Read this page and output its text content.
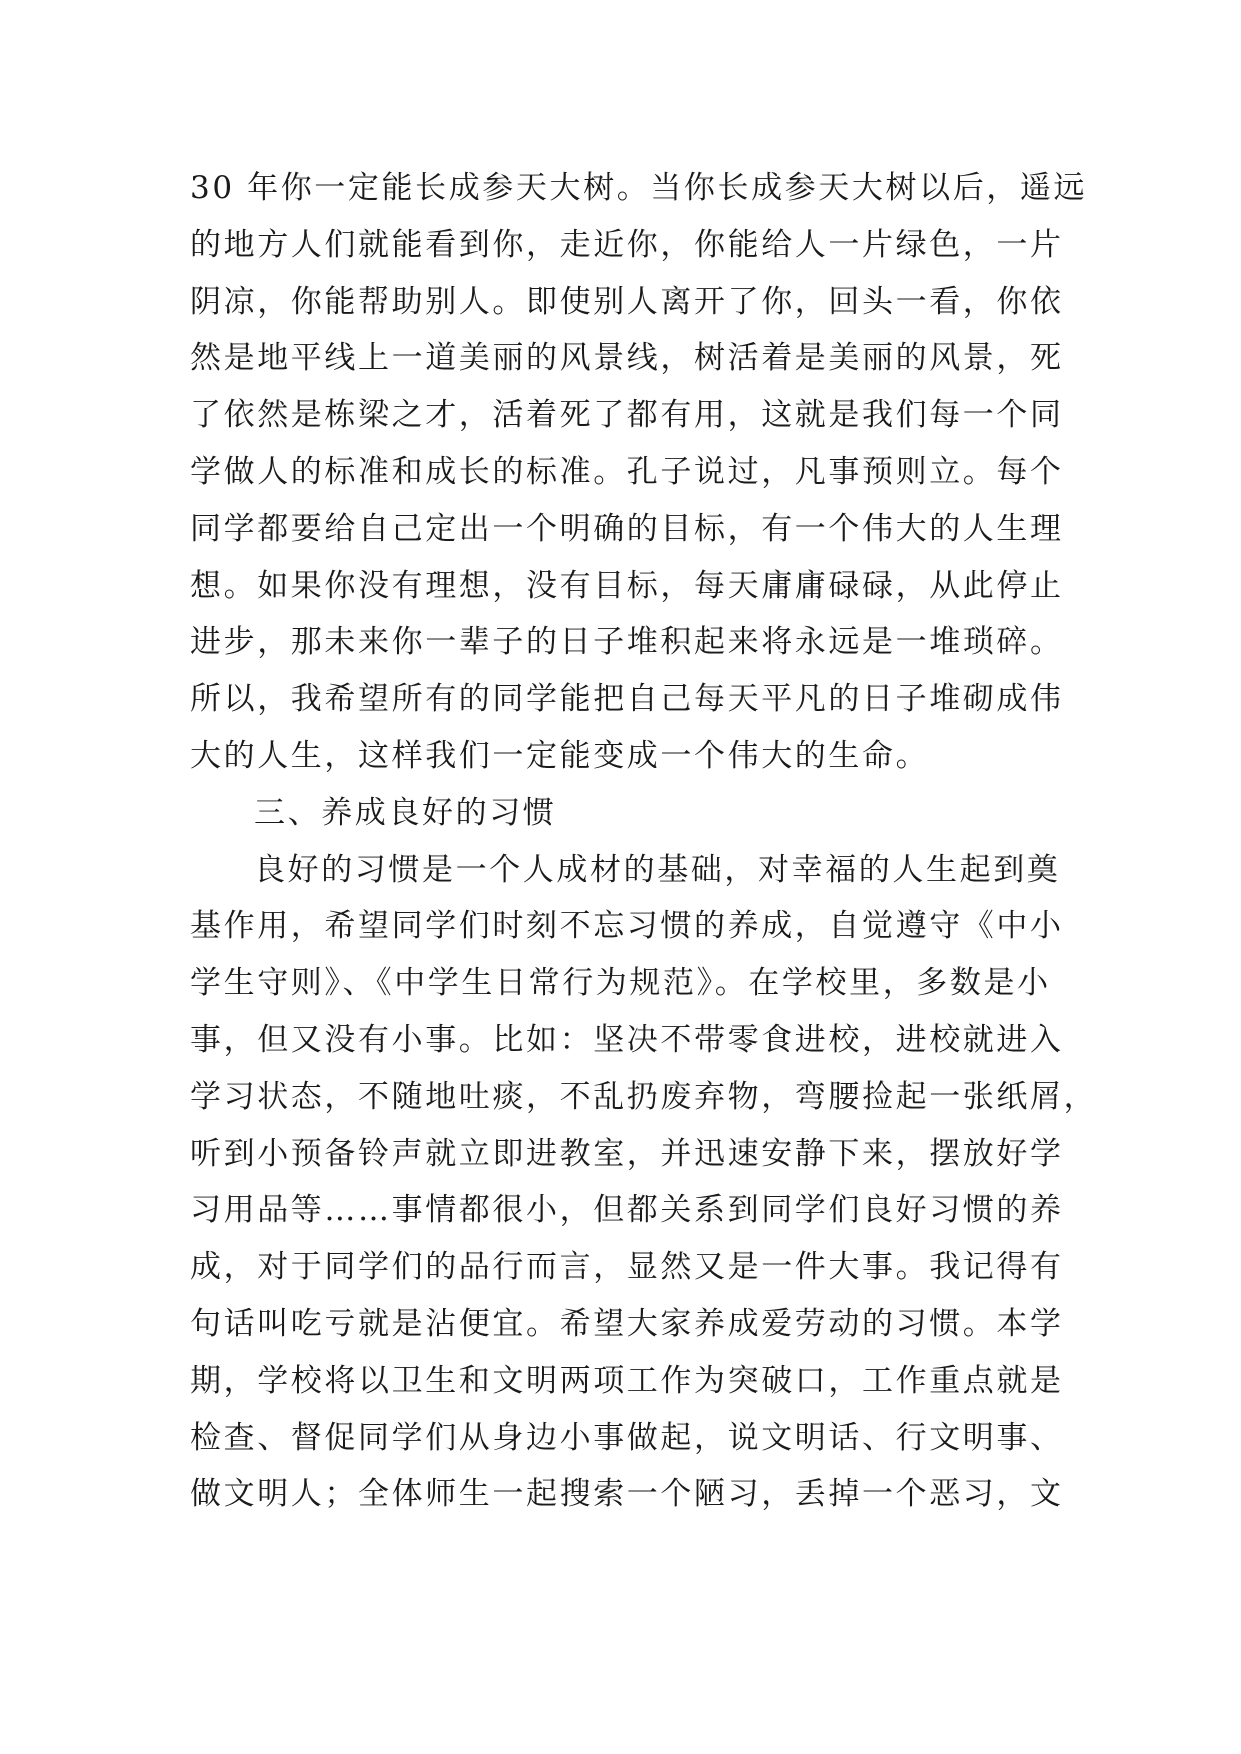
30 年你一定能长成参天大树。当你长成参天大树以后，遥远
的地方人们就能看到你，走近你，你能给人一片绿色，一片
阴凉，你能帮助别人。即使别人离开了你，回头一看，你依
然是地平线上一道美丽的风景线，树活着是美丽的风景，死
了依然是栋梁之才，活着死了都有用，这就是我们每一个同
学做人的标准和成长的标准。孔子说过，凡事预则立。每个
同学都要给自己定出一个明确的目标，有一个伟大的人生理
想。如果你没有理想，没有目标，每天庸庸碌碌，从此停止
进步，那未来你一辈子的日子堆积起来将永远是一堆琐碎。
所以，我希望所有的同学能把自己每天平凡的日子堆砌成伟
大的人生，这样我们一定能变成一个伟大的生命。
三、养成良好的习惯
良好的习惯是一个人成材的基础，对幸福的人生起到奠
基作用，希望同学们时刻不忘习惯的养成，自觉遵守《中小
学生守则》、《中学生日常行为规范》。在学校里，多数是小
事，但又没有小事。比如：坚决不带零食进校，进校就进入
学习状态，不随地吐痰，不乱扔废弃物，弯腰捡起一张纸屑，
听到小预备铃声就立即进教室，并迅速安静下来，摆放好学
习用品等……事情都很小，但都关系到同学们良好习惯的养
成，对于同学们的品行而言，显然又是一件大事。我记得有
句话叫吃亏就是沾便宜。希望大家养成爱劳动的习惯。本学
期，学校将以卫生和文明两项工作为突破口，工作重点就是
检查、督促同学们从身边小事做起，说文明话、行文明事、
做文明人；全体师生一起搜索一个陋习，丢掉一个恶习，文
